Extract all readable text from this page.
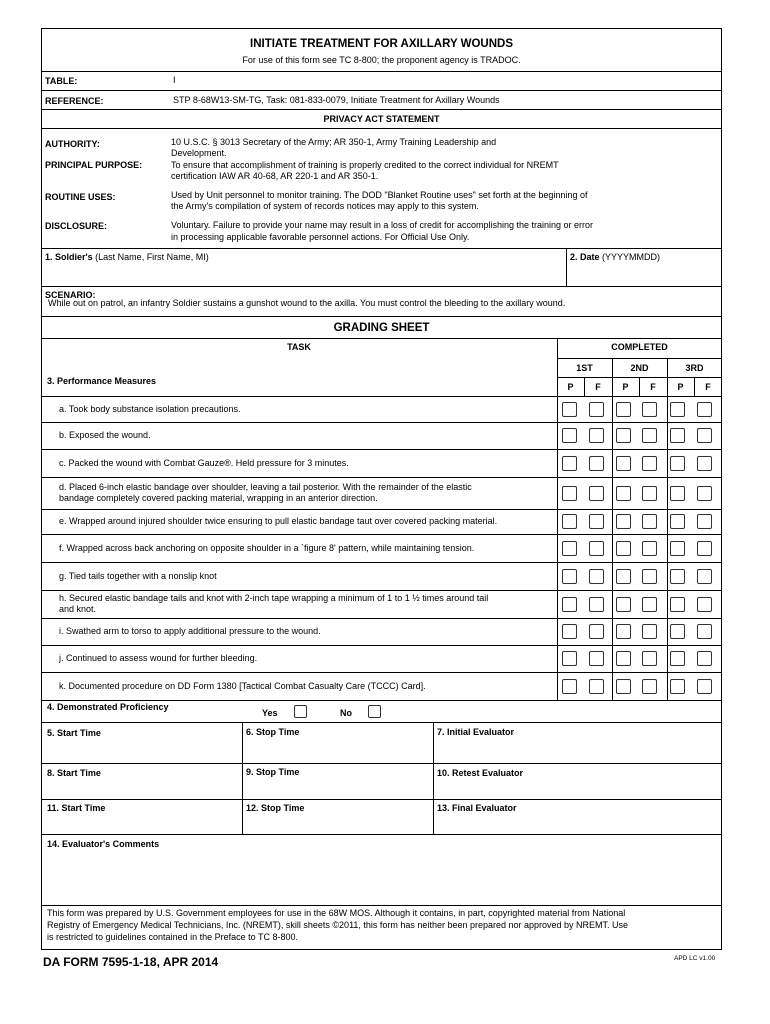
INITIATE TREATMENT FOR AXILLARY WOUNDS
For use of this form see TC 8-800; the proponent agency is TRADOC.
TABLE:	I
REFERENCE:	STP 8-68W13-SM-TG, Task: 081-833-0079, Initiate Treatment for Axillary Wounds
PRIVACY ACT STATEMENT
AUTHORITY:	10 U.S.C. § 3013 Secretary of the Army; AR 350-1, Army Training Leadership and
Development.
PRINCIPAL PURPOSE:	To ensure that accomplishment of training is properly credited to the correct individual for NREMT
certification IAW AR 40-68, AR 220-1 and AR 350-1.
ROUTINE USES:	Used by Unit personnel to monitor training. The DOD "Blanket Routine uses" set forth at the beginning of
the Army's compilation of system of records notices may apply to this system.
DISCLOSURE:	Voluntary. Failure to provide your name may result in a loss of credit for accomplishing the training or error
in processing applicable favorable personnel actions. For Official Use Only.
1. Soldier's (Last Name, First Name, MI)	2. Date (YYYYMMDD)
SCENARIO:
While out on patrol, an infantry Soldier sustains a gunshot wound to the axilla. You must control the bleeding to the axillary wound.
GRADING SHEET
TASK	COMPLETED
1ST	2ND	3RD
P	F	P	F	P	F
3. Performance Measures
a. Took body substance isolation precautions.
b. Exposed the wound.
c. Packed the wound with Combat Gauze®. Held pressure for 3 minutes.
d. Placed 6-inch elastic bandage over shoulder, leaving a tail posterior. With the remainder of the elastic
bandage completely covered packing material, wrapping in an anterior direction.
e. Wrapped around injured shoulder twice ensuring to pull elastic bandage taut over covered packing material.
f. Wrapped across back anchoring on opposite shoulder in a `figure 8' pattern, while maintaining tension.
g. Tied tails together with a nonslip knot
h. Secured elastic bandage tails and knot with 2-inch tape wrapping a minimum of 1 to 1 ½ times around tail
and knot.
i. Swathed arm to torso to apply additional pressure to the wound.
j. Continued to assess wound for further bleeding.
k. Documented procedure on DD Form 1380 [Tactical Combat Casualty Care (TCCC) Card].
4. Demonstrated Proficiency
Yes	No
5. Start Time	6. Stop Time	7. Initial Evaluator
8. Start Time	9. Stop Time	10. Retest Evaluator
11. Start Time	12. Stop Time	13. Final Evaluator
14. Evaluator's Comments
This form was prepared by U.S. Government employees for use in the 68W MOS. Although it contains, in part, copyrighted material from National
Registry of Emergency Medical Technicians, Inc. (NREMT), skill sheets ©2011, this form has neither been prepared nor approved by NREMT. Use
is restricted to guidelines contained in the Preface to TC 8-800.
DA FORM 7595-1-18, APR 2014	APD LC v1.00
